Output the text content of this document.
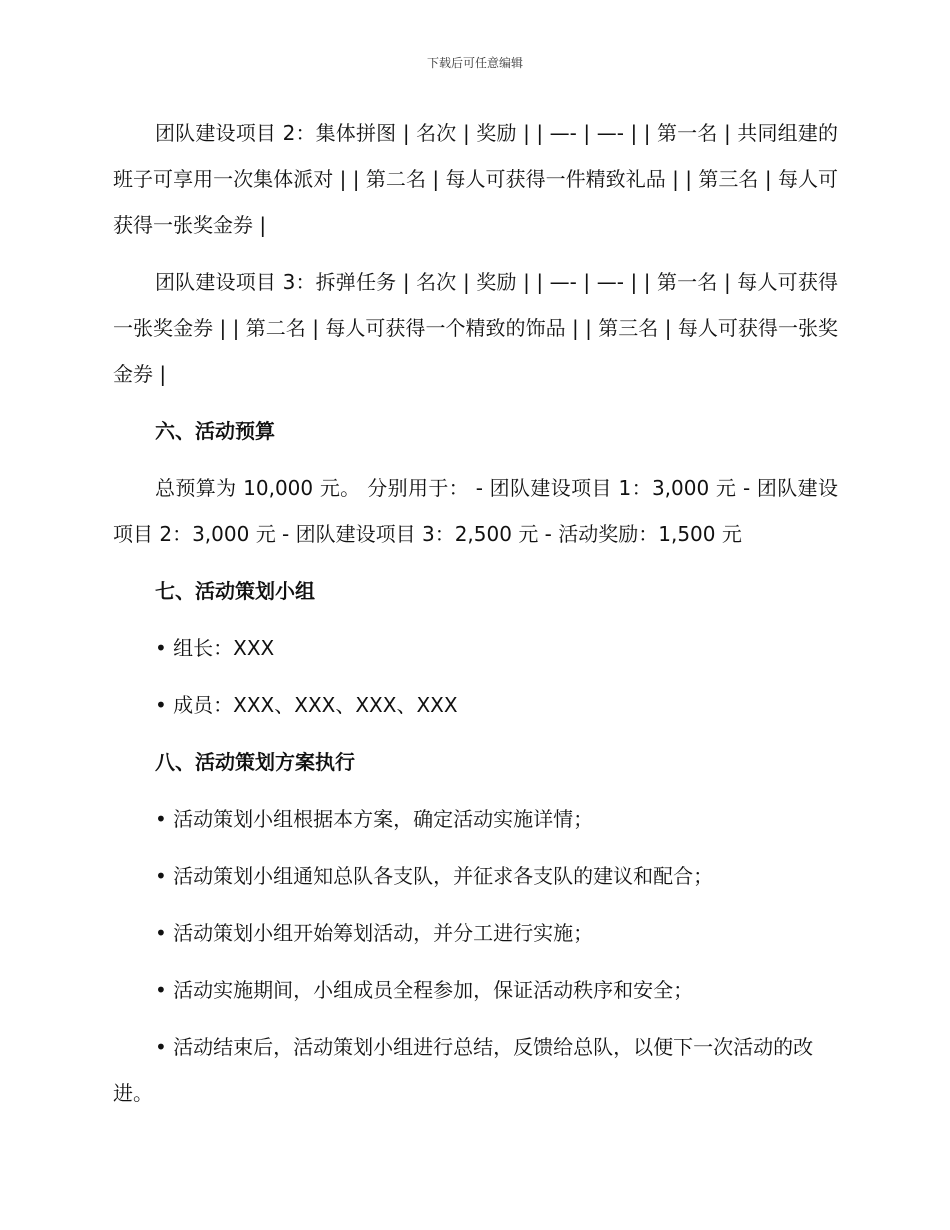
下载后可任意编辑

团队建设项目 2：集体拼图 | 名次 | 奖励 | | —- | —- | | 第一名 | 共同组建的班子可享用一次集体派对 | | 第二名 | 每人可获得一件精致礼品 | | 第三名 | 每人可获得一张奖金券 |

团队建设项目 3：拆弹任务 | 名次 | 奖励 | | —- | —- | | 第一名 | 每人可获得一张奖金券 | | 第二名 | 每人可获得一个精致的饰品 | | 第三名 | 每人可获得一张奖金券 |

六、活动预算

总预算为 10,000 元。 分别用于： - 团队建设项目 1：3,000 元 - 团队建设项目 2：3,000 元 - 团队建设项目 3：2,500 元 - 活动奖励：1,500 元

七、活动策划小组

• 组长：XXX

• 成员：XXX、XXX、XXX、XXX

八、活动策划方案执行

• 活动策划小组根据本方案，确定活动实施详情；

• 活动策划小组通知总队各支队，并征求各支队的建议和配合；

• 活动策划小组开始筹划活动，并分工进行实施；

• 活动实施期间，小组成员全程参加，保证活动秩序和安全；

• 活动结束后，活动策划小组进行总结，反馈给总队，以便下一次活动的改进。
